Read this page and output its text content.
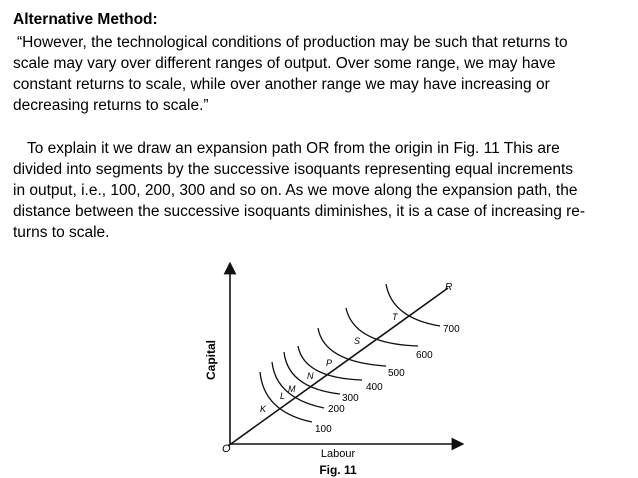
Alternative Method:
“However, the technological conditions of production may be such that returns to
scale may vary over different ranges of output. Over some range, we may have
constant returns to scale, while over another range we may have increasing or
decreasing returns to scale.”
To explain it we draw an expansion path OR from the origin in Fig. 11 This are
divided into segments by the successive isoquants representing equal increments
in output, i.e., 100, 200, 300 and so on. As we move along the expansion path, the
distance between the successive isoquants diminishes, it is a case of increasing re-
turns to scale.
Capital
Labour
Fig. 11
O
R
K
L
M
N
P
S
T
100
200
300
400
500
600
700
